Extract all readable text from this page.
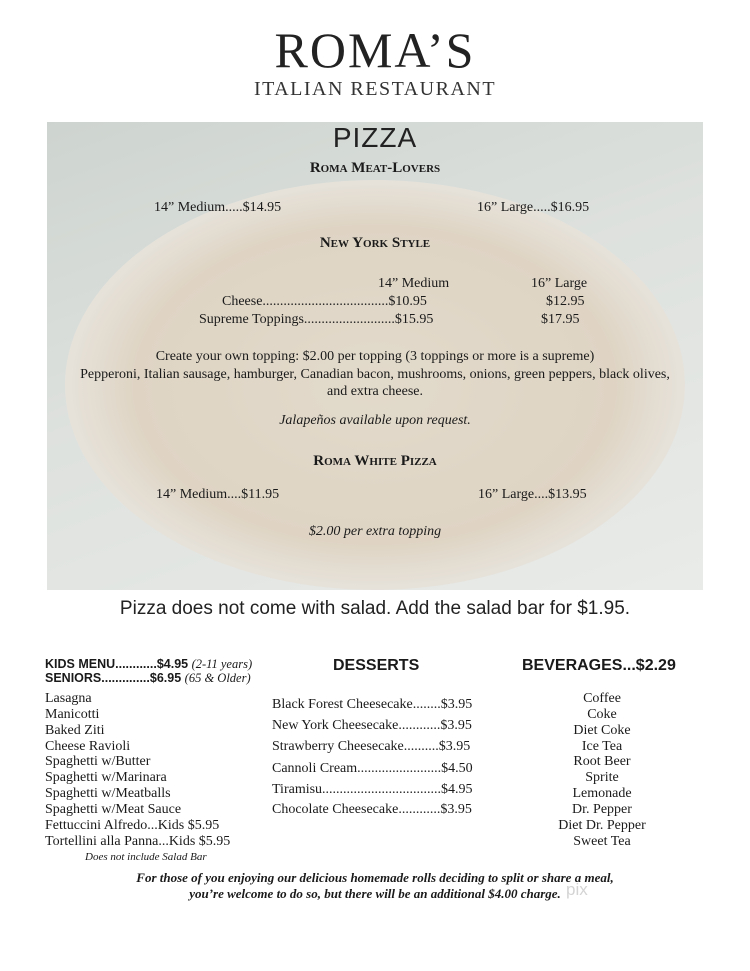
ROMA’S
ITALIAN RESTAURANT
PIZZA
Roma Meat-Lovers
14” Medium.....$14.95	16” Large.....$16.95
New York Style
14” Medium	16” Large
Cheese....................................$10.95	$12.95
Supreme Toppings..........................$15.95	$17.95
Create your own topping: $2.00 per topping (3 toppings or more is a supreme)
Pepperoni, Italian sausage, hamburger, Canadian bacon, mushrooms, onions, green peppers, black olives,
and extra cheese.
Jalapeños available upon request.
Roma White Pizza
14” Medium....$11.95	16” Large....$13.95
$2.00 per extra topping
Pizza does not come with salad. Add the salad bar for $1.95.
KIDS MENU............$4.95 (2-11 years)
SENIORS..............$6.95 (65 & Older)
Lasagna
Manicotti
Baked Ziti
Cheese Ravioli
Spaghetti w/Butter
Spaghetti w/Marinara
Spaghetti w/Meatballs
Spaghetti w/Meat Sauce
Fettuccini Alfredo...Kids $5.95
Tortellini alla Panna...Kids $5.95
Does not include Salad Bar
DESSERTS
Black Forest Cheesecake........$3.95
New York Cheesecake............$3.95
Strawberry Cheesecake..........$3.95
Cannoli Cream........................$4.50
Tiramisu..................................$4.95
Chocolate Cheesecake............$3.95
BEVERAGES...$2.29
Coffee
Coke
Diet Coke
Ice Tea
Root Beer
Sprite
Lemonade
Dr. Pepper
Diet Dr. Pepper
Sweet Tea
For those of you enjoying our delicious homemade rolls deciding to split or share a meal,
you’re welcome to do so, but there will be an additional $4.00 charge. pix
